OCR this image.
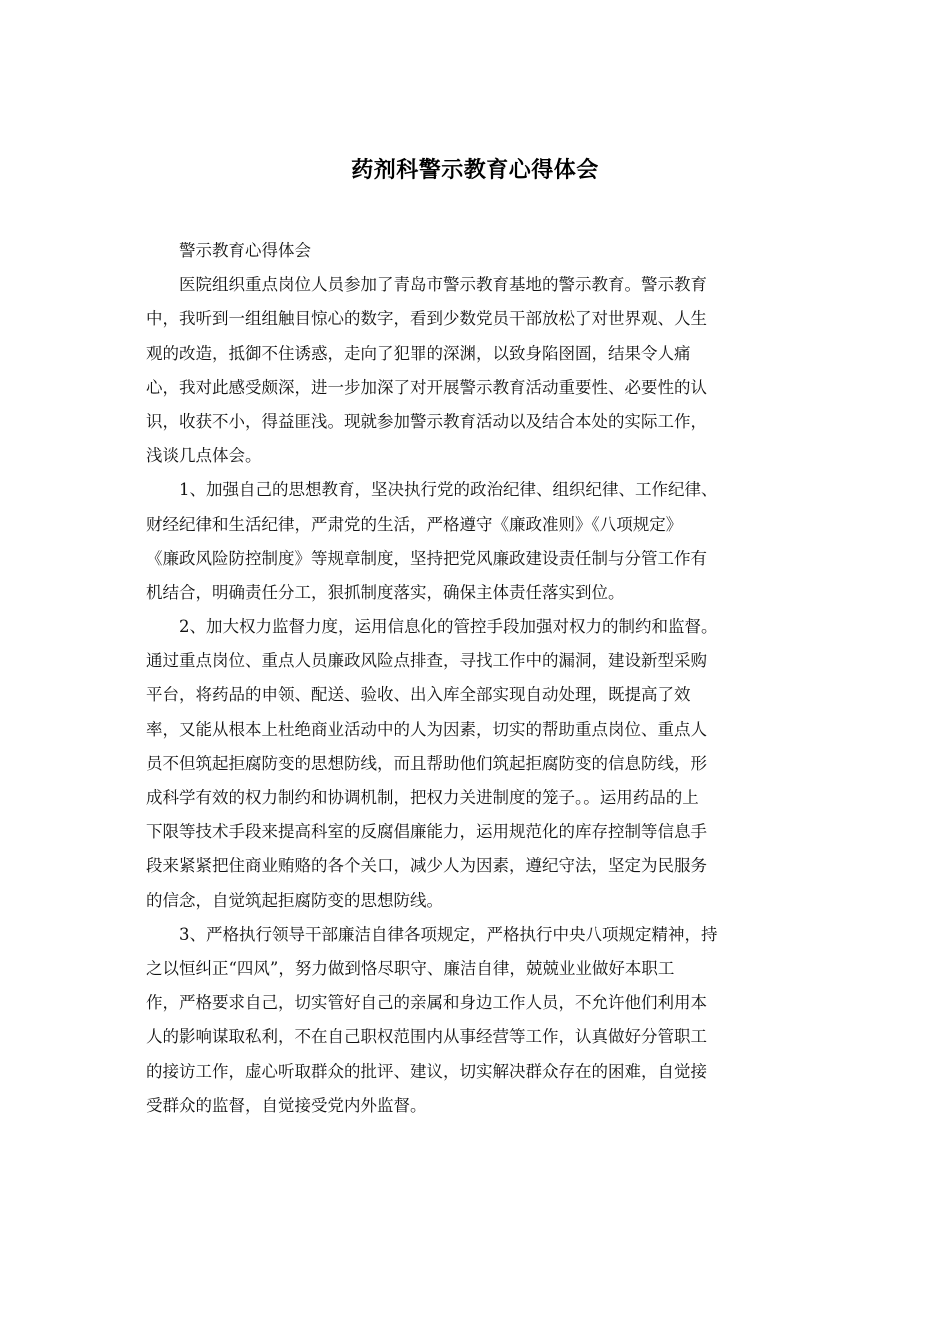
药剂科警示教育心得体会
警示教育心得体会
医院组织重点岗位人员参加了青岛市警示教育基地的警示教育。警示教育
中，我听到一组组触目惊心的数字，看到少数党员干部放松了对世界观、人生
观的改造，抵御不住诱惑，走向了犯罪的深渊，以致身陷囹圄，结果令人痛
心，我对此感受颇深，进一步加深了对开展警示教育活动重要性、必要性的认
识，收获不小，得益匪浅。现就参加警示教育活动以及结合本处的实际工作，
浅谈几点体会。
1、加强自己的思想教育，坚决执行党的政治纪律、组织纪律、工作纪律、
财经纪律和生活纪律，严肃党的生活，严格遵守《廉政准则》《八项规定》
《廉政风险防控制度》等规章制度，坚持把党风廉政建设责任制与分管工作有
机结合，明确责任分工，狠抓制度落实，确保主体责任落实到位。
2、加大权力监督力度，运用信息化的管控手段加强对权力的制约和监督。
通过重点岗位、重点人员廉政风险点排查，寻找工作中的漏洞，建设新型采购
平台，将药品的申领、配送、验收、出入库全部实现自动处理，既提高了效
率，又能从根本上杜绝商业活动中的人为因素，切实的帮助重点岗位、重点人
员不但筑起拒腐防变的思想防线，而且帮助他们筑起拒腐防变的信息防线，形
成科学有效的权力制约和协调机制，把权力关进制度的笼子。。运用药品的上
下限等技术手段来提高科室的反腐倡廉能力，运用规范化的库存控制等信息手
段来紧紧把住商业贿赂的各个关口，减少人为因素，遵纪守法，坚定为民服务
的信念，自觉筑起拒腐防变的思想防线。
3、严格执行领导干部廉洁自律各项规定，严格执行中央八项规定精神，持
之以恒纠正“四风”，努力做到恪尽职守、廉洁自律，兢兢业业做好本职工
作，严格要求自己，切实管好自己的亲属和身边工作人员，不允许他们利用本
人的影响谋取私利，不在自己职权范围内从事经营等工作，认真做好分管职工
的接访工作，虚心听取群众的批评、建议，切实解决群众存在的困难，自觉接
受群众的监督，自觉接受党内外监督。
